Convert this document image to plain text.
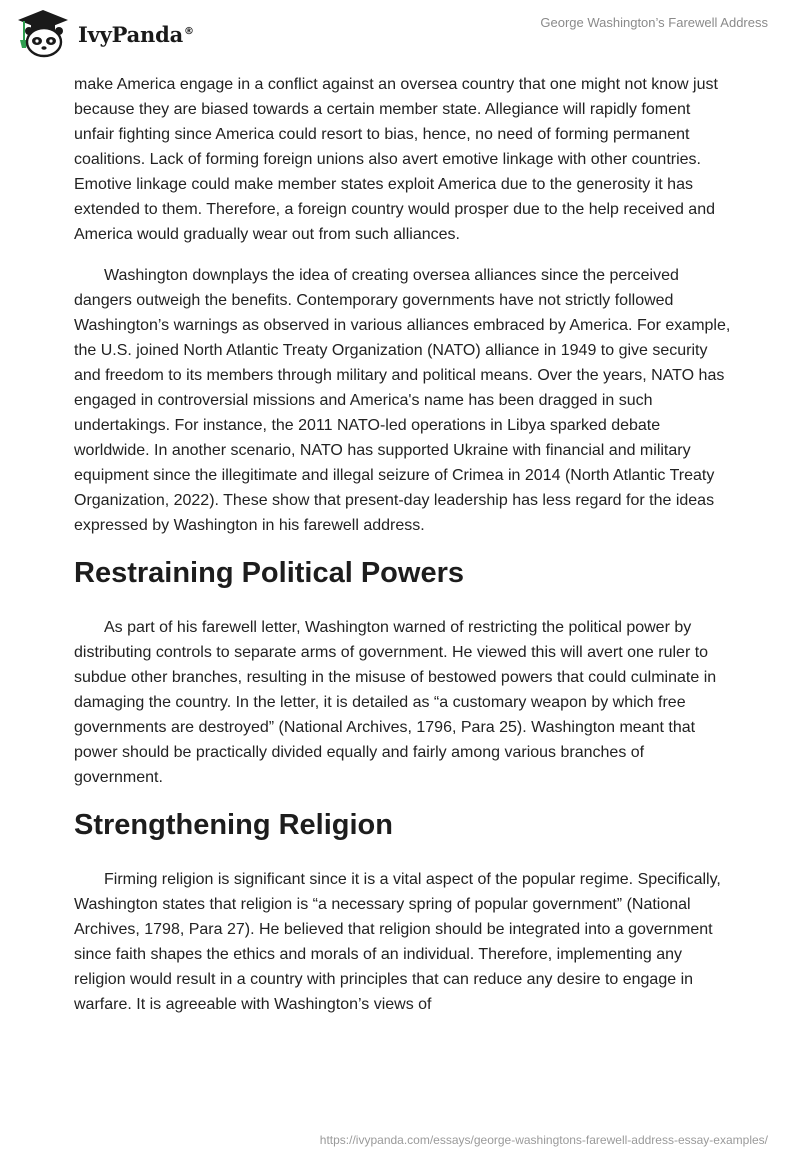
IvyPanda®
George Washington’s Farewell Address

make America engage in a conflict against an oversea country that one might not know just because they are biased towards a certain member state. Allegiance will rapidly foment unfair fighting since America could resort to bias, hence, no need of forming permanent coalitions. Lack of forming foreign unions also avert emotive linkage with other countries. Emotive linkage could make member states exploit America due to the generosity it has extended to them. Therefore, a foreign country would prosper due to the help received and America would gradually wear out from such alliances.

Washington downplays the idea of creating oversea alliances since the perceived dangers outweigh the benefits. Contemporary governments have not strictly followed Washington’s warnings as observed in various alliances embraced by America. For example, the U.S. joined North Atlantic Treaty Organization (NATO) alliance in 1949 to give security and freedom to its members through military and political means. Over the years, NATO has engaged in controversial missions and America's name has been dragged in such undertakings. For instance, the 2011 NATO-led operations in Libya sparked debate worldwide. In another scenario, NATO has supported Ukraine with financial and military equipment since the illegitimate and illegal seizure of Crimea in 2014 (North Atlantic Treaty Organization, 2022). These show that present-day leadership has less regard for the ideas expressed by Washington in his farewell address.

Restraining Political Powers

As part of his farewell letter, Washington warned of restricting the political power by distributing controls to separate arms of government. He viewed this will avert one ruler to subdue other branches, resulting in the misuse of bestowed powers that could culminate in damaging the country. In the letter, it is detailed as “a customary weapon by which free governments are destroyed” (National Archives, 1796, Para 25). Washington meant that power should be practically divided equally and fairly among various branches of government.

Strengthening Religion

Firming religion is significant since it is a vital aspect of the popular regime. Specifically, Washington states that religion is “a necessary spring of popular government” (National Archives, 1798, Para 27). He believed that religion should be integrated into a government since faith shapes the ethics and morals of an individual. Therefore, implementing any religion would result in a country with principles that can reduce any desire to engage in warfare. It is agreeable with Washington’s views of

https://ivypanda.com/essays/george-washingtons-farewell-address-essay-examples/
